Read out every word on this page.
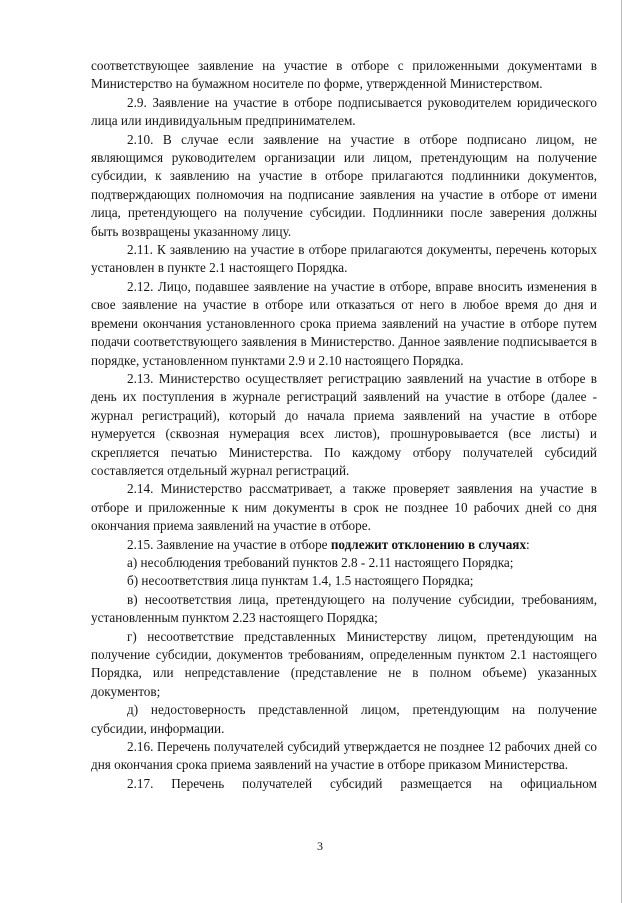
соответствующее заявление на участие в отборе с приложенными документами в Министерство на бумажном носителе по форме, утвержденной Министерством.

2.9. Заявление на участие в отборе подписывается руководителем юридического лица или индивидуальным предпринимателем.

2.10. В случае если заявление на участие в отборе подписано лицом, не являющимся руководителем организации или лицом, претендующим на получение субсидии, к заявлению на участие в отборе прилагаются подлинники документов, подтверждающих полномочия на подписание заявления на участие в отборе от имени лица, претендующего на получение субсидии. Подлинники после заверения должны быть возвращены указанному лицу.

2.11. К заявлению на участие в отборе прилагаются документы, перечень которых установлен в пункте 2.1 настоящего Порядка.

2.12. Лицо, подавшее заявление на участие в отборе, вправе вносить изменения в свое заявление на участие в отборе или отказаться от него в любое время до дня и времени окончания установленного срока приема заявлений на участие в отборе путем подачи соответствующего заявления в Министерство. Данное заявление подписывается в порядке, установленном пунктами 2.9 и 2.10 настоящего Порядка.

2.13. Министерство осуществляет регистрацию заявлений на участие в отборе в день их поступления в журнале регистраций заявлений на участие в отборе (далее - журнал регистраций), который до начала приема заявлений на участие в отборе нумеруется (сквозная нумерация всех листов), прошнуровывается (все листы) и скрепляется печатью Министерства. По каждому отбору получателей субсидий составляется отдельный журнал регистраций.

2.14. Министерство рассматривает, а также проверяет заявления на участие в отборе и приложенные к ним документы в срок не позднее 10 рабочих дней со дня окончания приема заявлений на участие в отборе.

2.15. Заявление на участие в отборе подлежит отклонению в случаях:

а) несоблюдения требований пунктов 2.8 - 2.11 настоящего Порядка;

б) несоответствия лица пунктам 1.4, 1.5 настоящего Порядка;

в) несоответствия лица, претендующего на получение субсидии, требованиям, установленным пунктом 2.23 настоящего Порядка;

г) несоответствие представленных Министерству лицом, претендующим на получение субсидии, документов требованиям, определенным пунктом 2.1 настоящего Порядка, или непредставление (представление не в полном объеме) указанных документов;

д) недостоверность представленной лицом, претендующим на получение субсидии, информации.

2.16. Перечень получателей субсидий утверждается не позднее 12 рабочих дней со дня окончания срока приема заявлений на участие в отборе приказом Министерства.

2.17. Перечень получателей субсидий размещается на официальном

3
